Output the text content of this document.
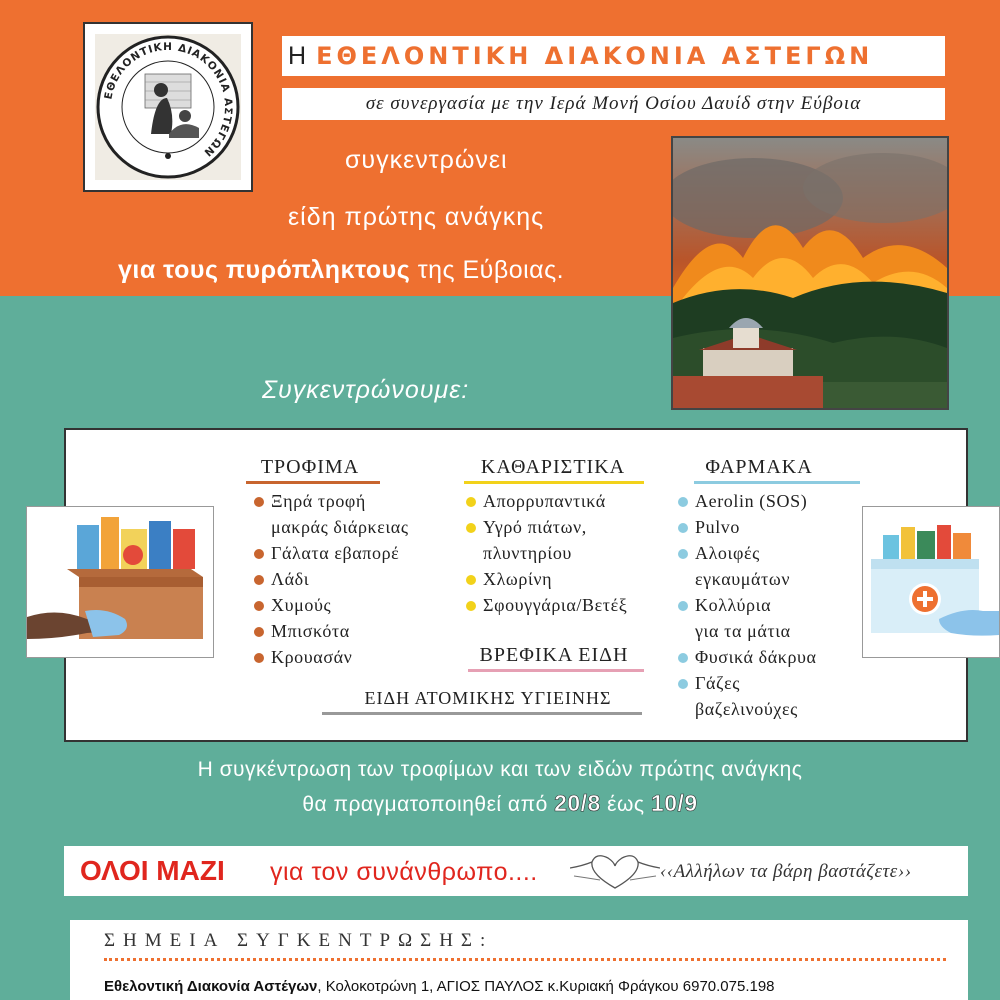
ΕΘΕΛΟΝΤΙΚΗ ΔΙΑΚΟΝΙΑ ΑΣΤΕΓΩΝ
Η ΕΘΕΛΟΝΤΙΚΗ ΔΙΑΚΟΝΙΑ ΑΣΤΕΓΩΝ
σε συνεργασία με την Ιερά Μονή Οσίου Δαυίδ στην Εύβοια
συγκεντρώνει
είδη πρώτης ανάγκης
για τους πυρόπληκτους της Εύβοιας.
Συγκεντρώνουμε:
ΤΡΟΦΙΜΑ
Ξηρά τροφή
μακράς διάρκειας
Γάλατα εβαπορέ
Λάδι
Χυμούς
Μπισκότα
Κρουασάν
ΚΑΘΑΡΙΣΤΙΚΑ
Απορρυπαντικά
Υγρό πιάτων,
πλυντηρίου
Χλωρίνη
Σφουγγάρια/Βετέξ
ΒΡΕΦΙΚΑ ΕΙΔΗ
ΕΙΔΗ ΑΤΟΜΙΚΗΣ ΥΓΙΕΙΝΗΣ
ΦΑΡΜΑΚΑ
Aerolin (SOS)
Pulvo
Αλοιφές
εγκαυμάτων
Κολλύρια
για τα μάτια
Φυσικά δάκρυα
Γάζες
βαζελινούχες
Η συγκέντρωση των τροφίμων και των ειδών πρώτης ανάγκης
θα πραγματοποιηθεί από 20/8 έως 10/9
ΟΛΟΙ ΜΑΖΙ για τον συνάνθρωπο....	‹‹Αλλήλων τα βάρη βαστάζετε››
ΣΗΜΕΙΑ ΣΥΓΚΕΝΤΡΩΣΗΣ:
Εθελοντική Διακονία Αστέγων, Κολοκοτρώνη 1, ΑΓΙΟΣ ΠΑΥΛΟΣ κ.Κυριακή Φράγκου 6970.075.198
